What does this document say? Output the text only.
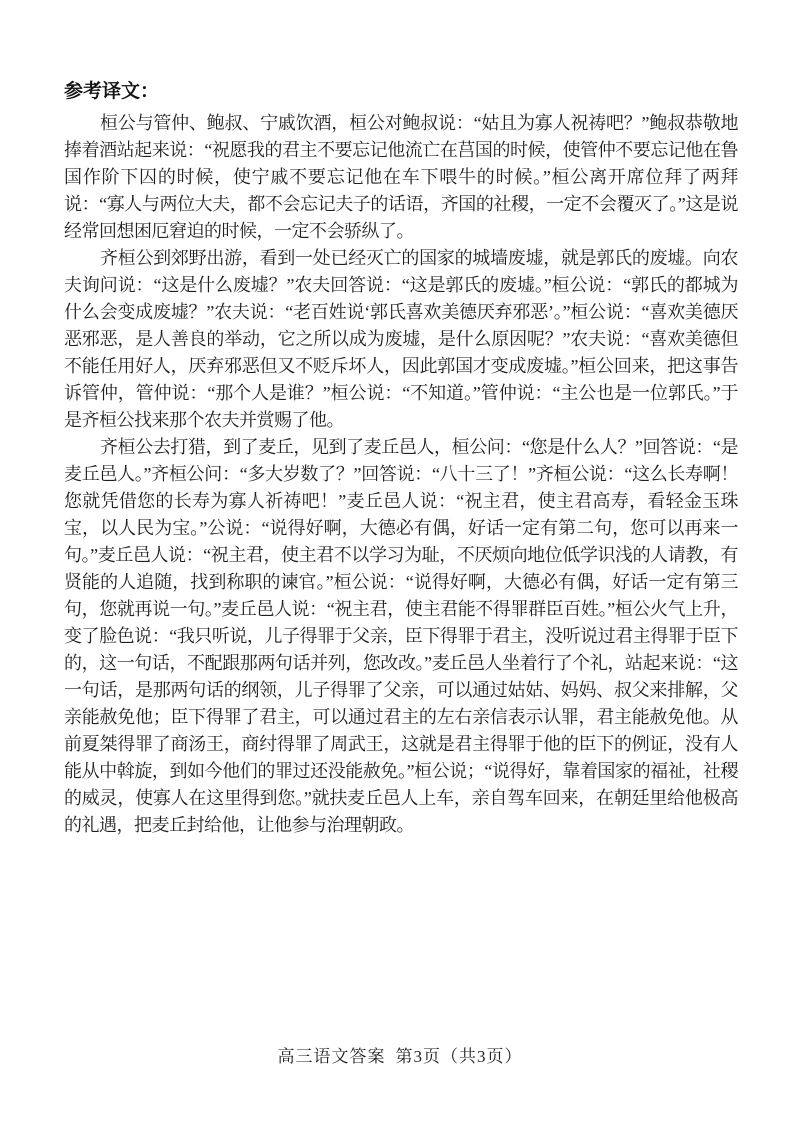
参考译文：

桓公与管仲、鲍叔、宁戚饮酒，桓公对鲍叔说：“姑且为寡人祝祷吧？”鲍叔恭敬地捧着酒站起来说：“祝愿我的君主不要忘记他流亡在莒国的时候，使管仲不要忘记他在鲁国作阶下囚的时候，使宁戚不要忘记他在车下喂牛的时候。”桓公离开席位拜了两拜说：“寡人与两位大夫，都不会忘记夫子的话语，齐国的社稷，一定不会覆灭了。”这是说经常回想困厄窘迫的时候，一定不会骄纵了。

齐桓公到郊野出游，看到一处已经灭亡的国家的城墙废墟，就是郭氏的废墟。向农夫询问说：“这是什么废墟？”农夫回答说：“这是郭氏的废墟。”桓公说：“郭氏的都城为什么会变成废墟？”农夫说：“老百姓说‘郭氏喜欢美德厌弃邪恶’。”桓公说：“喜欢美德厌恶邪恶，是人善良的举动，它之所以成为废墟，是什么原因呢？”农夫说：“喜欢美德但不能任用好人，厌弃邪恶但又不贬斥坏人，因此郭国才变成废墟。”桓公回来，把这事告诉管仲，管仲说：“那个人是谁？”桓公说：“不知道。”管仲说：“主公也是一位郭氏。”于是齐桓公找来那个农夫并赏赐了他。

齐桓公去打猎，到了麦丘，见到了麦丘邑人，桓公问：“您是什么人？”回答说：“是麦丘邑人。”齐桓公问：“多大岁数了？”回答说：“八十三了！”齐桓公说：“这么长寿啊！您就凭借您的长寿为寡人祈祷吧！”麦丘邑人说：“祝主君，使主君高寿，看轻金玉珠宝，以人民为宝。”公说：“说得好啊，大德必有偶，好话一定有第二句，您可以再来一句。”麦丘邑人说：“祝主君，使主君不以学习为耻，不厌烦向地位低学识浅的人请教，有贤能的人追随，找到称职的谏官。”桓公说：“说得好啊，大德必有偶，好话一定有第三句，您就再说一句。”麦丘邑人说：“祝主君，使主君能不得罪群臣百姓。”桓公火气上升，变了脸色说：“我只听说，儿子得罪于父亲，臣下得罪于君主，没听说过君主得罪于臣下的，这一句话，不配跟那两句话并列，您改改。”麦丘邑人坐着行了个礼，站起来说：“这一句话，是那两句话的纲领，儿子得罪了父亲，可以通过姑姑、妈妈、叔父来排解，父亲能赦免他；臣下得罪了君主，可以通过君主的左右亲信表示认罪，君主能赦免他。从前夏桀得罪了商汤王，商纣得罪了周武王，这就是君主得罪于他的臣下的例证，没有人能从中斡旋，到如今他们的罪过还没能赦免。”桓公说；“说得好，靠着国家的福祉，社稷的威灵，使寡人在这里得到您。”就扶麦丘邑人上车，亲自驾车回来，在朝廷里给他极高的礼遇，把麦丘封给他，让他参与治理朝政。

高三语文答案 第3页（共3页）
